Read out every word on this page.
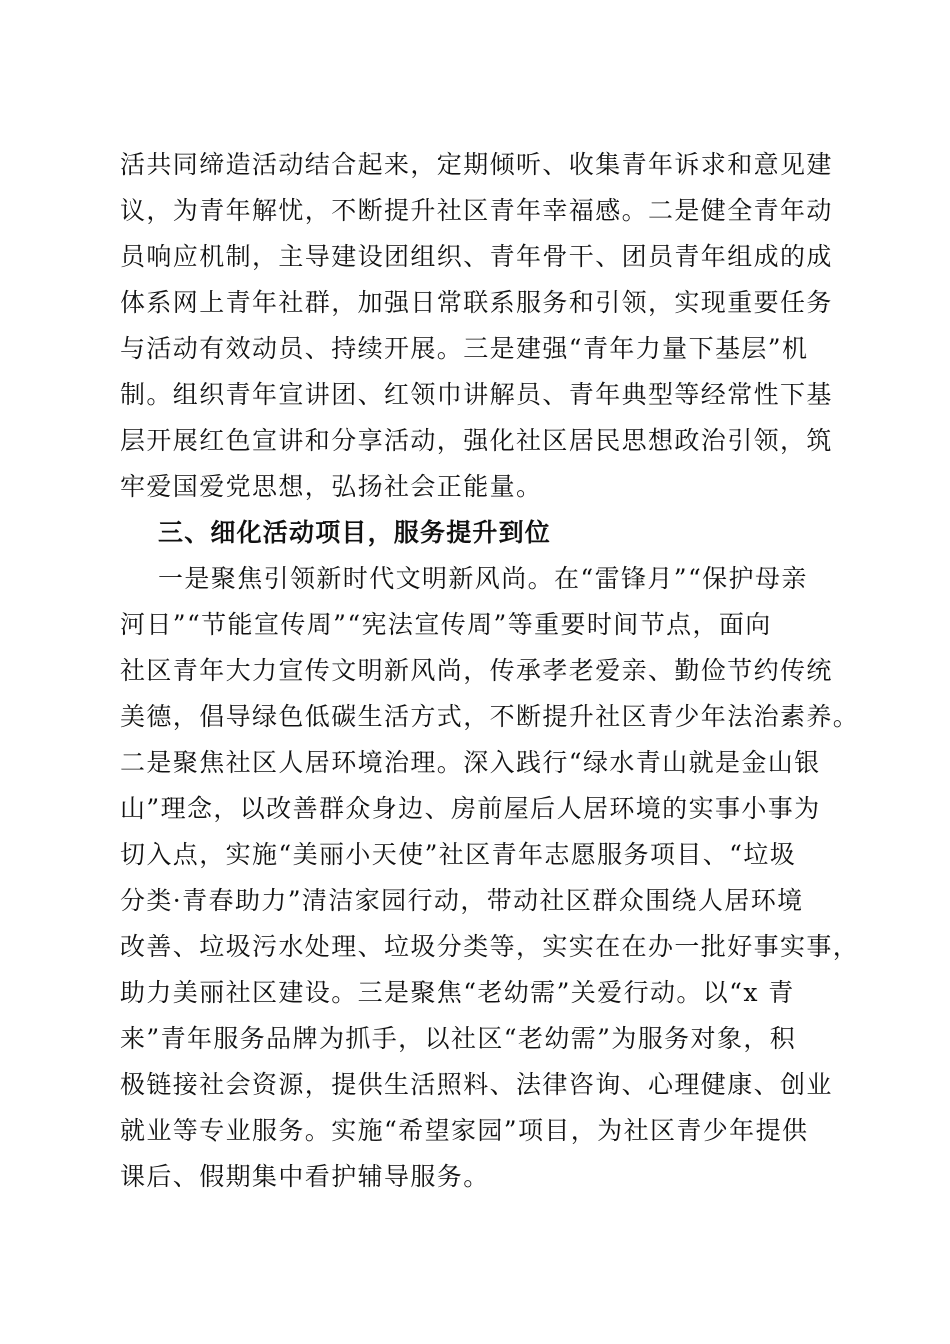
活共同缔造活动结合起来，定期倾听、收集青年诉求和意见建
议，为青年解忧，不断提升社区青年幸福感。二是健全青年动
员响应机制，主导建设团组织、青年骨干、团员青年组成的成
体系网上青年社群，加强日常联系服务和引领，实现重要任务
与活动有效动员、持续开展。三是建强“青年力量下基层”机
制。组织青年宣讲团、红领巾讲解员、青年典型等经常性下基
层开展红色宣讲和分享活动，强化社区居民思想政治引领，筑
牢爱国爱党思想，弘扬社会正能量。
三、细化活动项目，服务提升到位
一是聚焦引领新时代文明新风尚。在“雷锋月”“保护母亲
河日”“节能宣传周”“宪法宣传周”等重要时间节点，面向
社区青年大力宣传文明新风尚，传承孝老爱亲、勤俭节约传统
美德，倡导绿色低碳生活方式，不断提升社区青少年法治素养。
二是聚焦社区人居环境治理。深入践行“绿水青山就是金山银
山”理念，以改善群众身边、房前屋后人居环境的实事小事为
切入点，实施“美丽小天使”社区青年志愿服务项目、“垃圾
分类·青春助力”清洁家园行动，带动社区群众围绕人居环境
改善、垃圾污水处理、垃圾分类等，实实在在办一批好事实事，
助力美丽社区建设。三是聚焦“老幼需”关爱行动。以“x 青
来”青年服务品牌为抓手，以社区“老幼需”为服务对象，积
极链接社会资源，提供生活照料、法律咨询、心理健康、创业
就业等专业服务。实施“希望家园”项目，为社区青少年提供
课后、假期集中看护辅导服务。
